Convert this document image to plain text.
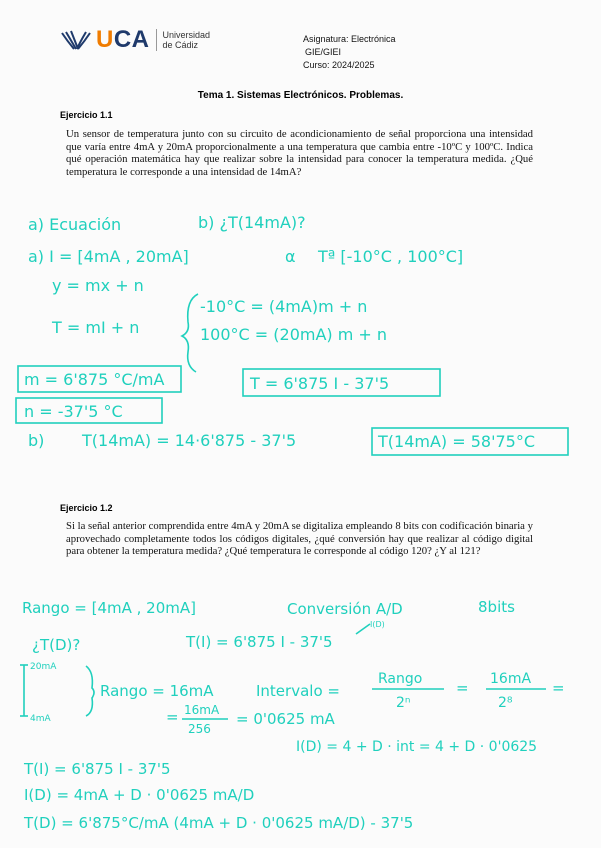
UCA Universidad
de Cádiz
Asignatura: Electrónica
GIE/GIEI
Curso: 2024/2025
Tema 1. Sistemas Electrónicos. Problemas.
Ejercicio 1.1
Un sensor de temperatura junto con su circuito de acondicionamiento de señal proporciona una intensidad que varía entre 4mA y 20mA proporcionalmente a una temperatura que cambia entre -10ºC y 100ºC. Indica qué operación matemática hay que realizar sobre la intensidad para conocer la temperatura medida. ¿Qué temperatura le corresponde a una intensidad de 14mA?
Ejercicio 1.2
Si la señal anterior comprendida entre 4mA y 20mA se digitaliza empleando 8 bits con codificación binaria y aprovechado completamente todos los códigos digitales, ¿qué conversión hay que realizar al código digital para obtener la temperatura medida? ¿Qué temperatura le corresponde al código 120? ¿Y al 121?
a) Ecuación	b) ¿T(14mA)?
a) I = [4mA , 20mA]	α Tª [-10°C , 100°C]
y = mx + n
-10°C = (4mA)m + n
T = mI + n	100°C = (20mA) m + n
m = 6'875 °C/mA	T = 6'875 I - 37'5
n = -37'5 °C
b) T(14mA) = 14·6'875 - 37'5	T(14mA) = 58'75°C
Rango = [4mA , 20mA]	Conversión A/D	8bits
¿T(D)?	T(I) = 6'875 I - 37'5
I(D)
20mA
4mA
Rango = 16mA	Intervalo =
Rango
2ⁿ
= 16mA
2⁸
=
= 16mA
256
= 0'0625 mA
I(D) = 4 + D · int = 4 + D · 0'0625
T(I) = 6'875 I - 37'5
I(D) = 4mA + D · 0'0625 mA/D
T(D) = 6'875°C/mA (4mA + D · 0'0625 mA/D) - 37'5
